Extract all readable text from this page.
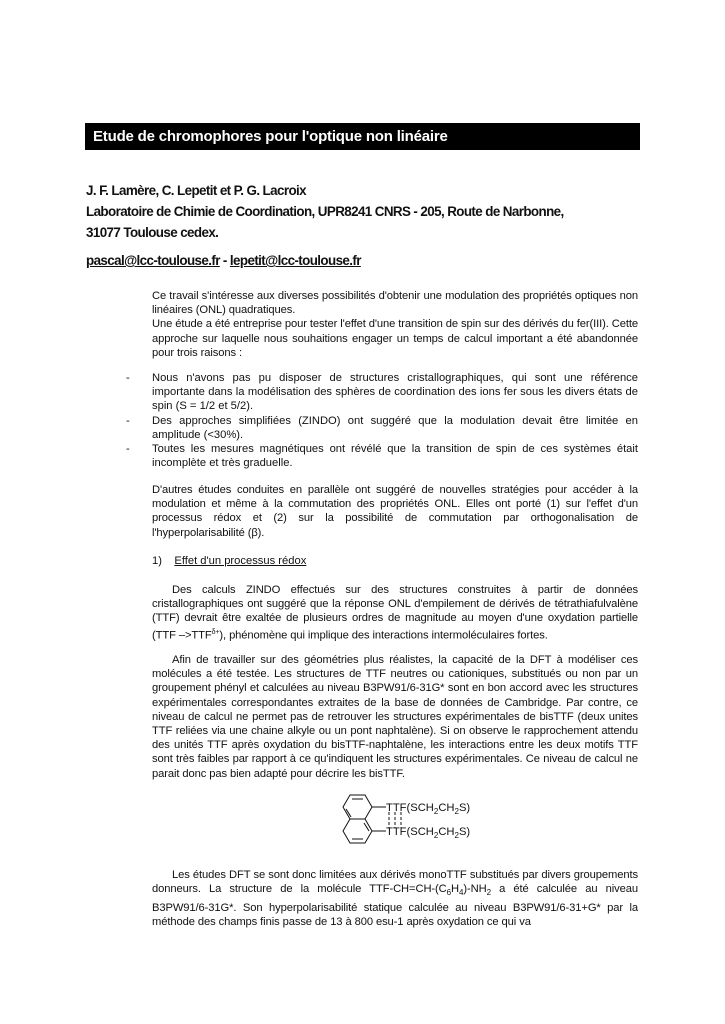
Etude de chromophores pour l'optique non linéaire
J. F. Lamère, C. Lepetit et P. G. Lacroix
Laboratoire de Chimie de Coordination, UPR8241 CNRS - 205, Route de Narbonne,
31077 Toulouse cedex.
pascal@lcc-toulouse.fr - lepetit@lcc-toulouse.fr
Ce travail s'intéresse aux diverses possibilités d'obtenir une modulation des propriétés optiques non linéaires (ONL) quadratiques.
Une étude a été entreprise pour tester l'effet d'une transition de spin sur des dérivés du fer(III). Cette approche sur laquelle nous souhaitions engager un temps de calcul important a été abandonnée pour trois raisons :
-	Nous n'avons pas pu disposer de structures cristallographiques, qui sont une référence importante dans la modélisation des sphères de coordination des ions fer sous les divers états de spin (S = 1/2 et 5/2).
-	Des approches simplifiées (ZINDO) ont suggéré que la modulation devait être limitée en amplitude (<30%).
-	Toutes les mesures magnétiques ont révélé que la transition de spin de ces systèmes était incomplète et très graduelle.
D'autres études conduites en parallèle ont suggéré de nouvelles stratégies pour accéder à la modulation et même à la commutation des propriétés ONL. Elles ont porté (1) sur l'effet d'un processus rédox et (2) sur la possibilité de commutation par orthogonalisation de l'hyperpolarisabilité (β).
1) Effet d'un processus rédox
Des calculs ZINDO effectués sur des structures construites à partir de données cristallographiques ont suggéré que la réponse ONL d'empilement de dérivés de tétrathiafulvalène (TTF) devrait être exaltée de plusieurs ordres de magnitude au moyen d'une oxydation partielle (TTF $->TTF^{\delta+}$), phénomène qui implique des interactions intermoléculaires fortes.
Afin de travailler sur des géométries plus réalistes, la capacité de la DFT à modéliser ces molécules a été testée. Les structures de TTF neutres ou cationiques, substitués ou non par un groupement phényl et calculées au niveau B3PW91/6-31G* sont en bon accord avec les structures expérimentales correspondantes extraites de la base de données de Cambridge. Par contre, ce niveau de calcul ne permet pas de retrouver les structures expérimentales de bisTTF (deux unites TTF reliées via une chaine alkyle ou un pont naphtalène). Si on observe le rapprochement attendu des unités TTF après oxydation du bisTTF-naphtalène, les interactions entre les deux motifs TTF sont très faibles par rapport à ce qu'indiquent les structures expérimentales. Ce niveau de calcul ne parait donc pas bien adapté pour décrire les bisTTF.
$TTF(SCH_2CH_2S)$
$TTF(SCH_2CH_2S)$
Les études DFT se sont donc limitées aux dérivés monoTTF substitués par divers groupements donneurs. La structure de la molécule TTF-$CH=CH-(C_6H_4)-NH_2$ a été calculée au niveau B3PW91/6-31G*. Son hyperpolarisabilité statique calculée au niveau B3PW91/6-31+G* par la méthode des champs finis passe de 13 à 800 esu-1 après oxydation ce qui va
